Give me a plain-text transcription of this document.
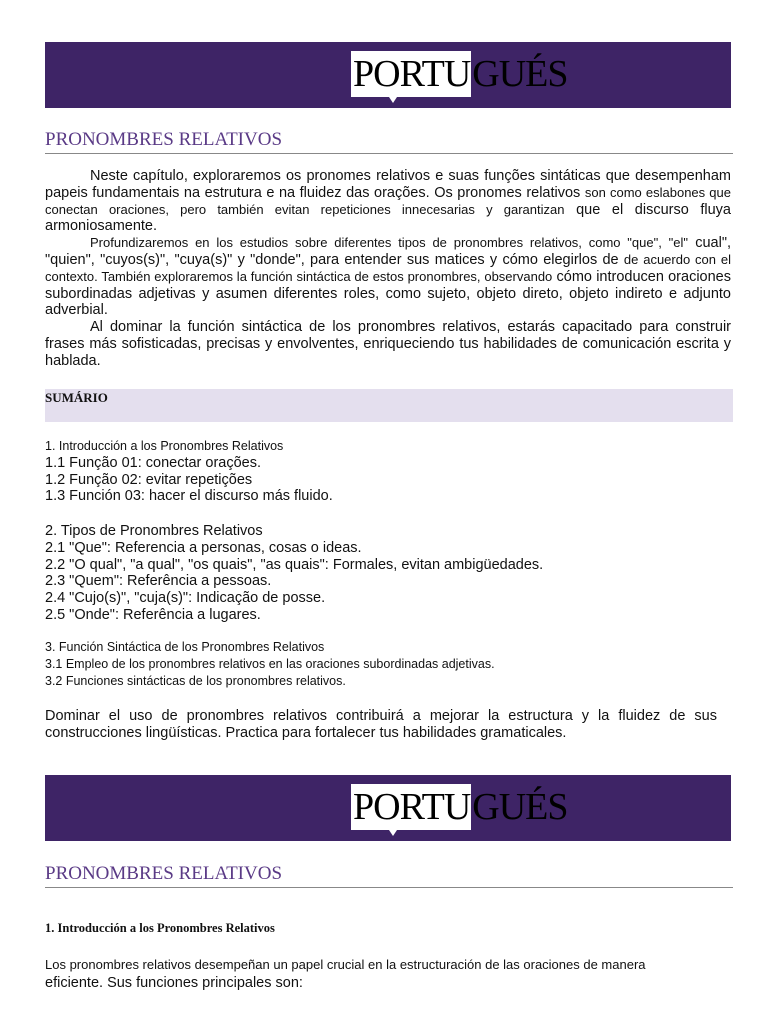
PORTU GUÉS
PRONOMBRES RELATIVOS

Neste capítulo, exploraremos os pronomes relativos e suas funções sintáticas que desempenham papeis fundamentais na estrutura e na fluidez das orações. Os pronomes relativos son como eslabones que conectan oraciones, pero también evitan repeticiones innecesarias y garantizan que el discurso fluya armoniosamente.

Profundizaremos en los estudios sobre diferentes tipos de pronombres relativos, como "que", "el" cual", "quien", "cuyos(s)", "cuya(s)" y "donde", para entender sus matices y cómo elegirlos de de acuerdo con el contexto. También exploraremos la función sintáctica de estos pronombres, observando cómo introducen oraciones subordinadas adjetivas y asumen diferentes roles, como sujeto, objeto direto, objeto indireto e adjunto adverbial.

Al dominar la función sintáctica de los pronombres relativos, estarás capacitado para construir frases más sofisticadas, precisas y envolventes, enriqueciendo tus habilidades de comunicación escrita y hablada.

SUMÁRIO
1. Introducción a los Pronombres Relativos
1.1 Função 01: conectar orações.
1.2 Função 02: evitar repetições
1.3 Función 03: hacer el discurso más fluido.
2. Tipos de Pronombres Relativos
2.1 "Que": Referencia a personas, cosas o ideas.
2.2 "O qual", "a qual", "os quais", "as quais": Formales, evitan ambigüedades.
2.3 "Quem": Referência a pessoas.
2.4 "Cujo(s)", "cuja(s)": Indicação de posse.
2.5 "Onde": Referência a lugares.
3. Función Sintáctica de los Pronombres Relativos
3.1 Empleo de los pronombres relativos en las oraciones subordinadas adjetivas.
3.2 Funciones sintácticas de los pronombres relativos.

Dominar el uso de pronombres relativos contribuirá a mejorar la estructura y la fluidez de sus construcciones lingüísticas. Practica para fortalecer tus habilidades gramaticales.

PORTU GUÉS
PRONOMBRES RELATIVOS
1. Introducción a los Pronombres Relativos

Los pronombres relativos desempeñan un papel crucial en la estructuración de las oraciones de manera
eficiente. Sus funciones principales son:
